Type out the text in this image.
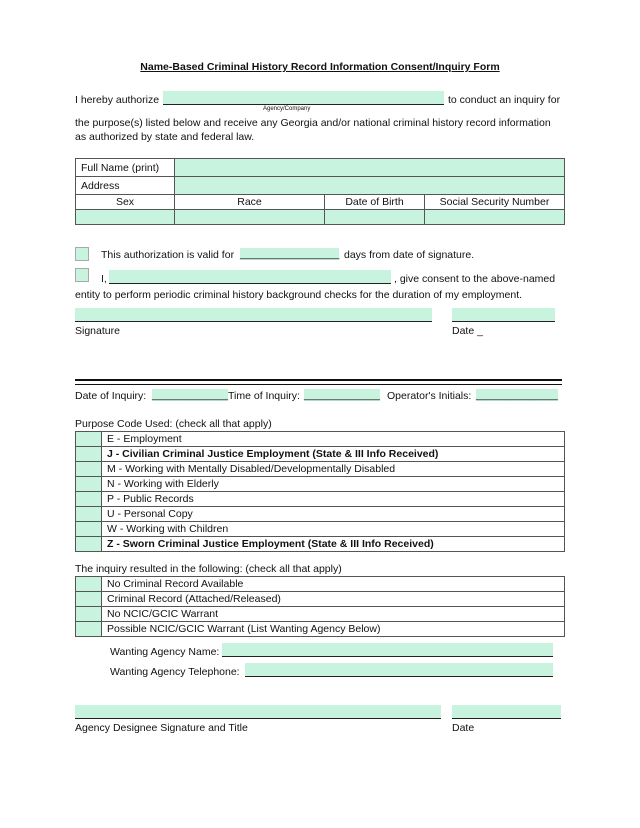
Name-Based Criminal History Record Information Consent/Inquiry Form
I hereby authorize	to conduct an inquiry for
Agency/Company
the purpose(s) listed below and receive any Georgia and/or national criminal history record information
as authorized by state and federal law.
Full Name (print)			
Address			
Sex	Race	Date of Birth	Social Security Number

This authorization is valid for _________________ days from date of signature.
I,	, give consent to the above-named
entity to perform periodic criminal history background checks for the duration of my employment.
Signature	Date _
Date of Inquiry: _____________ Time of Inquiry: _____________ Operator's Initials: ______________
Purpose Code Used: (check all that apply)
	E - Employment
	J - Civilian Criminal Justice Employment (State & III Info Received)
	M - Working with Mentally Disabled/Developmentally Disabled
	N - Working with Elderly
	P - Public Records
	U - Personal Copy
	W - Working with Children
	Z - Sworn Criminal Justice Employment (State & III Info Received)
The inquiry resulted in the following: (check all that apply)
	No Criminal Record Available
	Criminal Record (Attached/Released)
	No NCIC/GCIC Warrant
	Possible NCIC/GCIC Warrant (List Wanting Agency Below)
Wanting Agency Name:
Wanting Agency Telephone:
Agency Designee Signature and Title	Date
